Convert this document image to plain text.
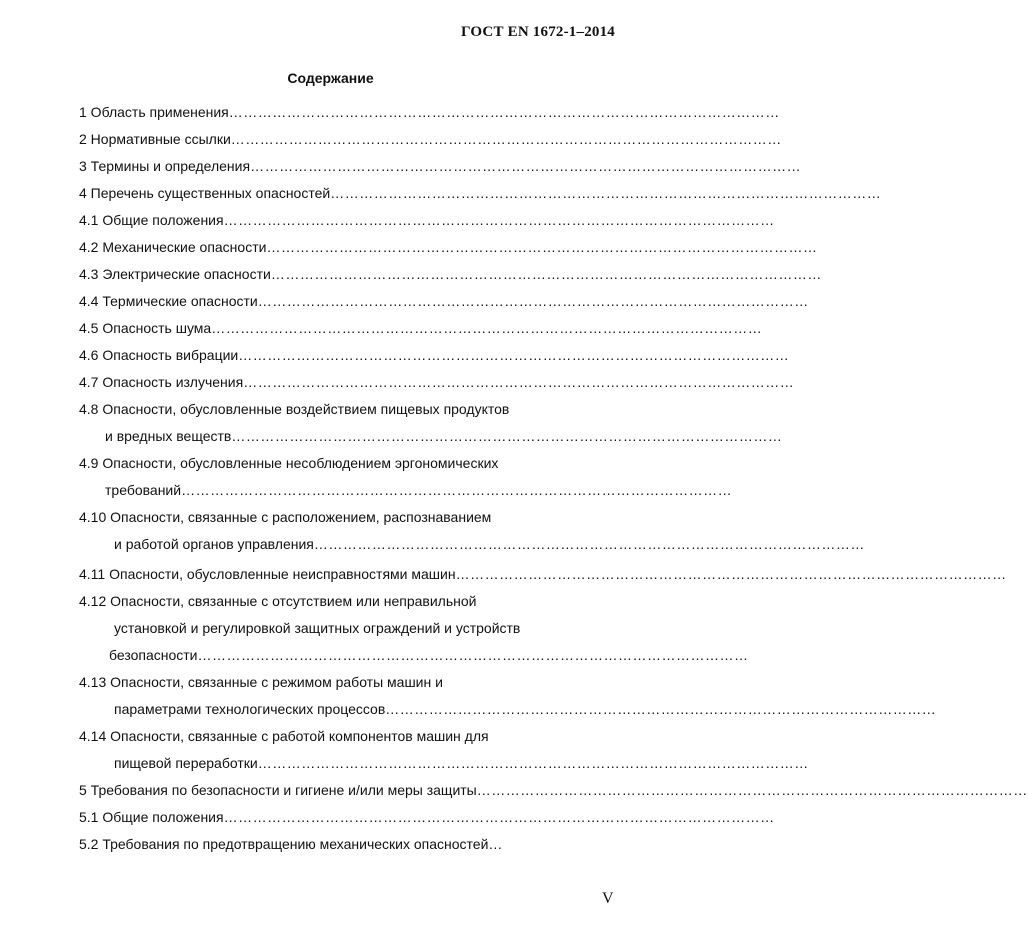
ГОСТ EN 1672-1–2014
Содержание
1 Область применения ……………………………………………………………………………………………………
2 Нормативные ссылки ……………………………………………………………………………………………………
3 Термины и определения ……………………………………………………………………………………………………
4 Перечень существенных опасностей ……………………………………………………………………………………………………
4.1 Общие положения ……………………………………………………………………………………………………
4.2 Механические опасности ……………………………………………………………………………………………………
4.3 Электрические опасности ……………………………………………………………………………………………………
4.4 Термические опасности ……………………………………………………………………………………………………
4.5 Опасность шума ……………………………………………………………………………………………………
4.6 Опасность вибрации ……………………………………………………………………………………………………
4.7 Опасность излучения ……………………………………………………………………………………………………
4.8 Опасности, обусловленные воздействием пищевых продуктов
и вредных веществ ……………………………………………………………………………………………………
4.9 Опасности, обусловленные несоблюдением эргономических
требований ……………………………………………………………………………………………………
4.10 Опасности, связанные с расположением, распознаванием
и работой органов управления ……………………………………………………………………………………………………
4.11 Опасности, обусловленные неисправностями машин ……………………………………………………………………………………………………
4.12 Опасности, связанные с отсутствием или неправильной
установкой и регулировкой защитных ограждений и устройств
безопасности ……………………………………………………………………………………………………
4.13 Опасности, связанные с режимом работы машин и
параметрами технологических процессов ……………………………………………………………………………………………………
4.14 Опасности, связанные с работой компонентов машин для
пищевой переработки ……………………………………………………………………………………………………
5 Требования по безопасности и гигиене и/или меры защиты ……………………………………………………………………………………………………
5.1 Общие положения ……………………………………………………………………………………………………
5.2 Требования по предотвращению механических опасностей…
V
